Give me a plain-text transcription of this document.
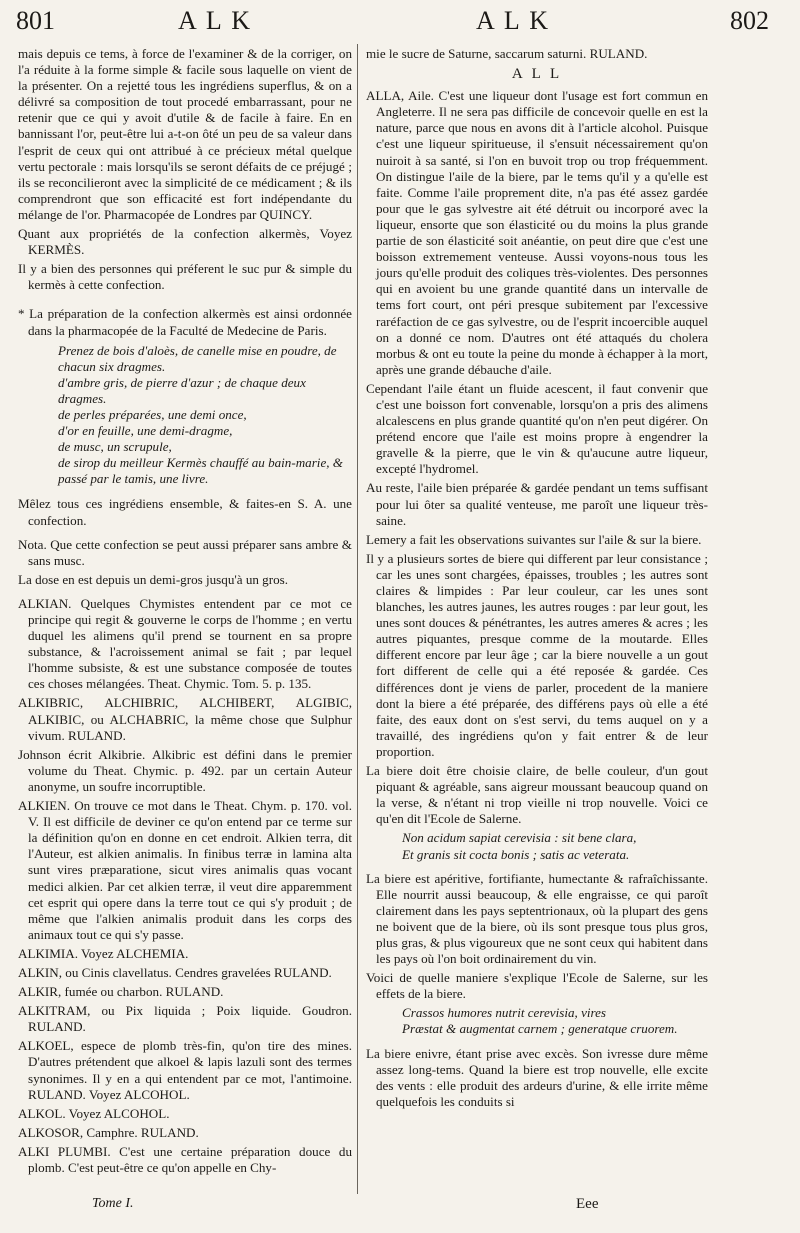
801	A L K	A L K	802

mais depuis ce tems, à force de l'examiner & de la corriger, on l'a réduite à la forme simple & facile sous laquelle on vient de la présenter. On a rejetté tous les ingrédiens superflus, & on a délivré sa composition de tout procedé embarrassant, pour ne retenir que ce qui y avoit d'utile & de facile à faire. En en bannissant l'or, peut-être lui a-t-on ôté un peu de sa valeur dans l'esprit de ceux qui ont attribué à ce précieux métal quelque vertu pectorale : mais lorsqu'ils se seront défaits de ce préjugé ; ils se reconcilieront avec la simplicité de ce médicament ; & ils comprendront que son efficacité est fort indépendante du mélange de l'or. Pharmacopée de Londres par QUINCY.

Quant aux propriétés de la confection alkermès, Voyez KERMÈS.

Il y a bien des personnes qui préferent le suc pur & simple du kermès à cette confection.

* La préparation de la confection alkermès est ainsi ordonnée dans la pharmacopée de la Faculté de Medecine de Paris.

Prenez de bois d'aloès, de canelle mise en poudre, de chacun six dragmes.
d'ambre gris, de pierre d'azur ; de chaque deux dragmes.
de perles préparées, une demi once,
d'or en feuille, une demi-dragme,
de musc, un scrupule,
de sirop du meilleur Kermès chauffé au bain-marie, & passé par le tamis, une livre.

Mêlez tous ces ingrédiens ensemble, & faites-en S. A. une confection.

Nota. Que cette confection se peut aussi préparer sans ambre & sans musc.

La dose en est depuis un demi-gros jusqu'à un gros.

ALKIAN. Quelques Chymistes entendent par ce mot ce principe qui regit & gouverne le corps de l'homme ; en vertu duquel les alimens qu'il prend se tournent en sa propre substance, & l'acroissement animal se fait ; par lequel l'homme subsiste, & est une substance composée de toutes ces choses mélangées. Theat. Chymic. Tom. 5. p. 135.

ALKIBRIC, ALCHIBRIC, ALCHIBERT, ALGIBIC, ALKIBIC, ou ALCHABRIC, la même chose que Sulphur vivum. RULAND.

Johnson écrit Alkibrie. Alkibric est défini dans le premier volume du Theat. Chymic. p. 492. par un certain Auteur anonyme, un soufre incorruptible.

ALKIEN. On trouve ce mot dans le Theat. Chym. p. 170. vol. V. Il est difficile de deviner ce qu'on entend par ce terme sur la définition qu'on en donne en cet endroit. Alkien terra, dit l'Auteur, est alkien animalis. In finibus terræ in lamina alta sunt vires præparatione, sicut vires animalis quas vocant medici alkien. Par cet alkien terræ, il veut dire apparemment cet esprit qui opere dans la terre tout ce qui s'y produit ; de même que l'alkien animalis produit dans les corps des animaux tout ce qui s'y passe.

ALKIMIA. Voyez ALCHEMIA.

ALKIN, ou Cinis clavellatus. Cendres gravelées RULAND.

ALKIR, fumée ou charbon. RULAND.

ALKITRAM, ou Pix liquida ; Poix liquide. Goudron. RULAND.

ALKOEL, espece de plomb très-fin, qu'on tire des mines. D'autres prétendent que alkoel & lapis lazuli sont des termes synonimes. Il y en a qui entendent par ce mot, l'antimoine. RULAND. Voyez ALCOHOL.

ALKOL. Voyez ALCOHOL.

ALKOSOR, Camphre. RULAND.

ALKI PLUMBI. C'est une certaine préparation douce du plomb. C'est peut-être ce qu'on appelle en Chy-

mie le sucre de Saturne, saccarum saturni. RULAND.

A L L

ALLA, Aile. C'est une liqueur dont l'usage est fort commun en Angleterre. Il ne sera pas difficile de concevoir quelle en est la nature, parce que nous en avons dit à l'article alcohol. Puisque c'est une liqueur spiritueuse, il s'ensuit nécessairement qu'on nuiroit à sa santé, si l'on en buvoit trop ou trop fréquemment. On distingue l'aile de la biere, par le tems qu'il y a qu'elle est faite. Comme l'aile proprement dite, n'a pas été assez gardée pour que le gas sylvestre ait été détruit ou incorporé avec la liqueur, ensorte que son élasticité ou du moins la plus grande partie de son élasticité soit anéantie, on peut dire que c'est une boisson extremement venteuse. Aussi voyons-nous tous les jours qu'elle produit des coliques très-violentes. Des personnes qui en avoient bu une grande quantité dans un intervalle de tems fort court, ont péri presque subitement par l'excessive raréfaction de ce gas sylvestre, ou de l'esprit incoercible auquel on a donné ce nom. D'autres ont été attaqués du cholera morbus & ont eu toute la peine du monde à échapper à la mort, après une grande débauche d'aile.

Cependant l'aile étant un fluide acescent, il faut convenir que c'est une boisson fort convenable, lorsqu'on a pris des alimens alcalescens en plus grande quantité qu'on n'en peut digérer. On prétend encore que l'aile est moins propre à engendrer la gravelle & la pierre, que le vin & qu'aucune autre liqueur, excepté l'hydromel.

Au reste, l'aile bien préparée & gardée pendant un tems suffisant pour lui ôter sa qualité venteuse, me paroît une liqueur très-saine.

Lemery a fait les observations suivantes sur l'aile & sur la biere.

Il y a plusieurs sortes de biere qui different par leur consistance ; car les unes sont chargées, épaisses, troubles ; les autres sont claires & limpides : Par leur couleur, car les unes sont blanches, les autres jaunes, les autres rouges : par leur gout, les unes sont douces & pénétrantes, les autres ameres & acres ; les autres piquantes, presque comme de la moutarde. Elles different encore par leur âge ; car la biere nouvelle a un gout fort different de celle qui a été reposée & gardée. Ces différences dont je viens de parler, procedent de la maniere dont la biere a été préparée, des différens pays où elle a été faite, des eaux dont on s'est servi, du tems auquel on y a travaillé, des ingrédiens qu'on y fait entrer & de leur proportion.

La biere doit être choisie claire, de belle couleur, d'un gout piquant & agréable, sans aigreur moussant beaucoup quand on la verse, & n'étant ni trop vieille ni trop nouvelle. Voici ce qu'en dit l'Ecole de Salerne.

Non acidum sapiat cerevisia : sit bene clara,
Et granis sit cocta bonis ; satis ac veterata.

La biere est apéritive, fortifiante, humectante & rafraîchissante. Elle nourrit aussi beaucoup, & elle engraisse, ce qui paroît clairement dans les pays septentrionaux, où la plupart des gens ne boivent que de la biere, où ils sont presque tous plus gros, plus gras, & plus vigoureux que ne sont ceux qui habitent dans les pays où l'on boit ordinairement du vin.

Voici de quelle maniere s'explique l'Ecole de Salerne, sur les effets de la biere.

Crassos humores nutrit cerevisia, vires
Præstat & augmentat carnem ; generatque cruorem.

La biere enivre, étant prise avec excès. Son ivresse dure même assez long-tems. Quand la biere est trop nouvelle, elle excite des vents : elle produit des ardeurs d'urine, & elle irrite même quelquefois les conduits si

Tome I.	Eee
